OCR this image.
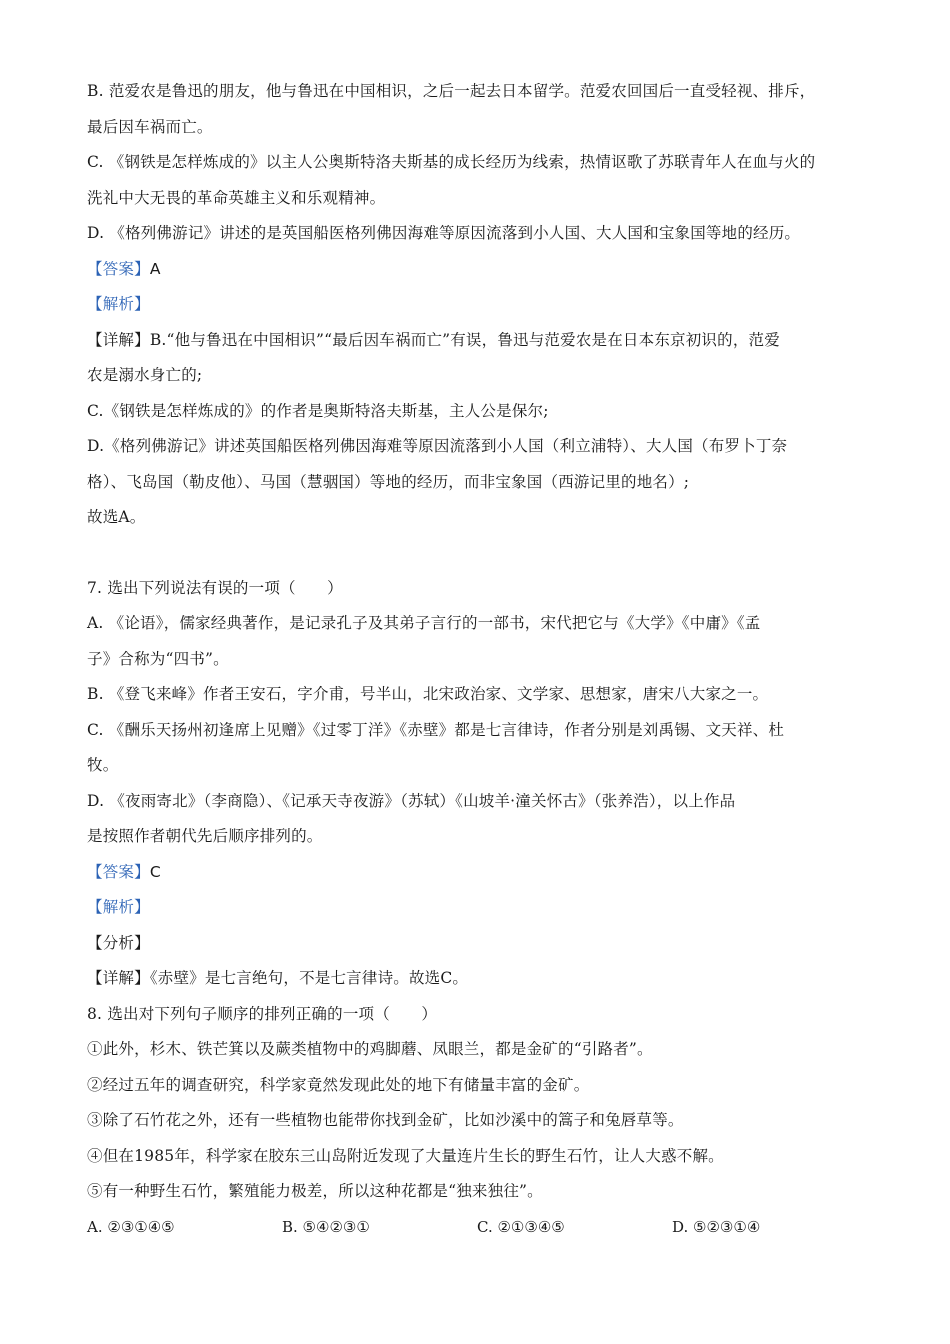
B. 范爱农是鲁迅的朋友，他与鲁迅在中国相识，之后一起去日本留学。范爱农回国后一直受轻视、排斥，
最后因车祸而亡。
C. 《钢铁是怎样炼成的》以主人公奥斯特洛夫斯基的成长经历为线索，热情讴歌了苏联青年人在血与火的
洗礼中大无畏的革命英雄主义和乐观精神。
D. 《格列佛游记》讲述的是英国船医格列佛因海难等原因流落到小人国、大人国和宝象国等地的经历。
【答案】A
【解析】
【详解】B.“他与鲁迅在中国相识”“最后因车祸而亡”有误，鲁迅与范爱农是在日本东京初识的，范爱
农是溺水身亡的;
C.《钢铁是怎样炼成的》的作者是奥斯特洛夫斯基，主人公是保尔;
D.《格列佛游记》讲述英国船医格列佛因海难等原因流落到小人国（利立浦特）、大人国（布罗卜丁奈
格）、飞岛国（勒皮他）、马国（慧骃国）等地的经历，而非宝象国（西游记里的地名）;
故选A。
7. 选出下列说法有误的一项（　　）
A. 《论语》，儒家经典著作，是记录孔子及其弟子言行的一部书，宋代把它与《大学》《中庸》《孟
子》合称为“四书”。
B. 《登飞来峰》作者王安石，字介甫，号半山，北宋政治家、文学家、思想家，唐宋八大家之一。
C. 《酬乐天扬州初逢席上见赠》《过零丁洋》《赤壁》都是七言律诗，作者分别是刘禹锡、文天祥、杜
牧。
D. 《夜雨寄北》（李商隐）、《记承天寺夜游》（苏轼）《山坡羊·潼关怀古》（张养浩），以上作品
是按照作者朝代先后顺序排列的。
【答案】C
【解析】
【分析】
【详解】《赤壁》是七言绝句，不是七言律诗。故选C。
8. 选出对下列句子顺序的排列正确的一项（　　）
①此外，杉木、铁芒箕以及蕨类植物中的鸡脚蘑、凤眼兰，都是金矿的“引路者”。
②经过五年的调查研究，科学家竟然发现此处的地下有储量丰富的金矿。
③除了石竹花之外，还有一些植物也能带你找到金矿，比如沙溪中的篙子和兔唇草等。
④但在1985年，科学家在胶东三山岛附近发现了大量连片生长的野生石竹，让人大惑不解。
⑤有一种野生石竹，繁殖能力极差，所以这种花都是“独来独往”。
A. ②③①④⑤	B. ⑤④②③①	C. ②①③④⑤	D. ⑤②③①④
